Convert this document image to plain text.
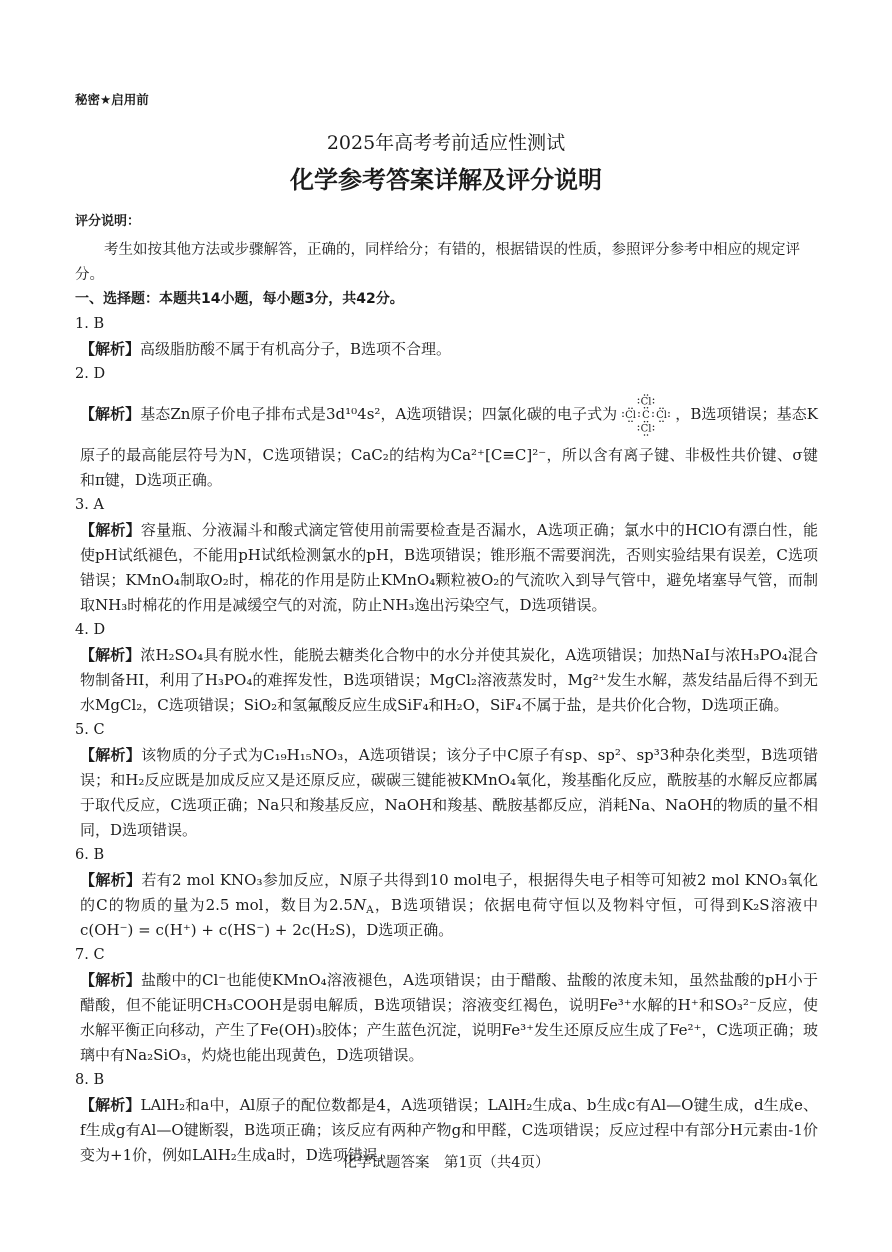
秘密★启用前
2025年高考考前适应性测试
化学参考答案详解及评分说明
评分说明：

考生如按其他方法或步骤解答，正确的，同样给分；有错的，根据错误的性质，参照评分参考中相应的规定评分。

一、选择题：本题共14小题，每小题3分，共42分。
1. B

【解析】高级脂肪酸不属于有机高分子，B选项不合理。

2. D

【解析】基态Zn原子价电子排布式是3d¹⁰4s²，A选项错误；四氯化碳的电子式为
Cl
Cl C Cl
Cl
，B选项错误；基态K原子的最高能层符号为N，C选项错误；CaC₂的结构为Ca²⁺[C≡C]²⁻，所以含有离子键、非极性共价键、σ键和π键，D选项正确。

3. A

【解析】容量瓶、分液漏斗和酸式滴定管使用前需要检查是否漏水，A选项正确；氯水中的HClO有漂白性，能使pH试纸褪色，不能用pH试纸检测氯水的pH，B选项错误；锥形瓶不需要润洗，否则实验结果有误差，C选项错误；KMnO₄制取O₂时，棉花的作用是防止KMnO₄颗粒被O₂的气流吹入到导气管中，避免堵塞导气管，而制取NH₃时棉花的作用是减缓空气的对流，防止NH₃逸出污染空气，D选项错误。

4. D

【解析】浓H₂SO₄具有脱水性，能脱去糖类化合物中的水分并使其炭化，A选项错误；加热NaI与浓H₃PO₄混合物制备HI，利用了H₃PO₄的难挥发性，B选项错误；MgCl₂溶液蒸发时，Mg²⁺发生水解，蒸发结晶后得不到无水MgCl₂，C选项错误；SiO₂和氢氟酸反应生成SiF₄和H₂O，SiF₄不属于盐，是共价化合物，D选项正确。

5. C

【解析】该物质的分子式为C₁₉H₁₅NO₃，A选项错误；该分子中C原子有sp、sp²、sp³3种杂化类型，B选项错误；和H₂反应既是加成反应又是还原反应，碳碳三键能被KMnO₄氧化，羧基酯化反应，酰胺基的水解反应都属于取代反应，C选项正确；Na只和羧基反应，NaOH和羧基、酰胺基都反应，消耗Na、NaOH的物质的量不相同，D选项错误。

6. B

【解析】若有2 mol KNO₃参加反应，N原子共得到10 mol电子，根据得失电子相等可知被2 mol KNO₃氧化的C的物质的量为2.5 mol，数目为$2.5N_A$，B选项错误；依据电荷守恒以及物料守恒，可得到K₂S溶液中c(OH⁻) = c(H⁺) + c(HS⁻) + 2c(H₂S)，D选项正确。

7. C

【解析】盐酸中的Cl⁻也能使KMnO₄溶液褪色，A选项错误；由于醋酸、盐酸的浓度未知，虽然盐酸的pH小于醋酸，但不能证明CH₃COOH是弱电解质，B选项错误；溶液变红褐色，说明Fe³⁺水解的H⁺和SO₃²⁻反应，使水解平衡正向移动，产生了Fe(OH)₃胶体；产生蓝色沉淀，说明Fe³⁺发生还原反应生成了Fe²⁺，C选项正确；玻璃中有Na₂SiO₃，灼烧也能出现黄色，D选项错误。

8. B

【解析】LAlH₂和a中，Al原子的配位数都是4，A选项错误；LAlH₂生成a、b生成c有Al—O键生成，d生成e、f生成g有Al—O键断裂，B选项正确；该反应有两种产物g和甲醛，C选项错误；反应过程中有部分H元素由-1价变为+1价，例如LAlH₂生成a时，D选项错误。

化学试题答案　第1页（共4页）
